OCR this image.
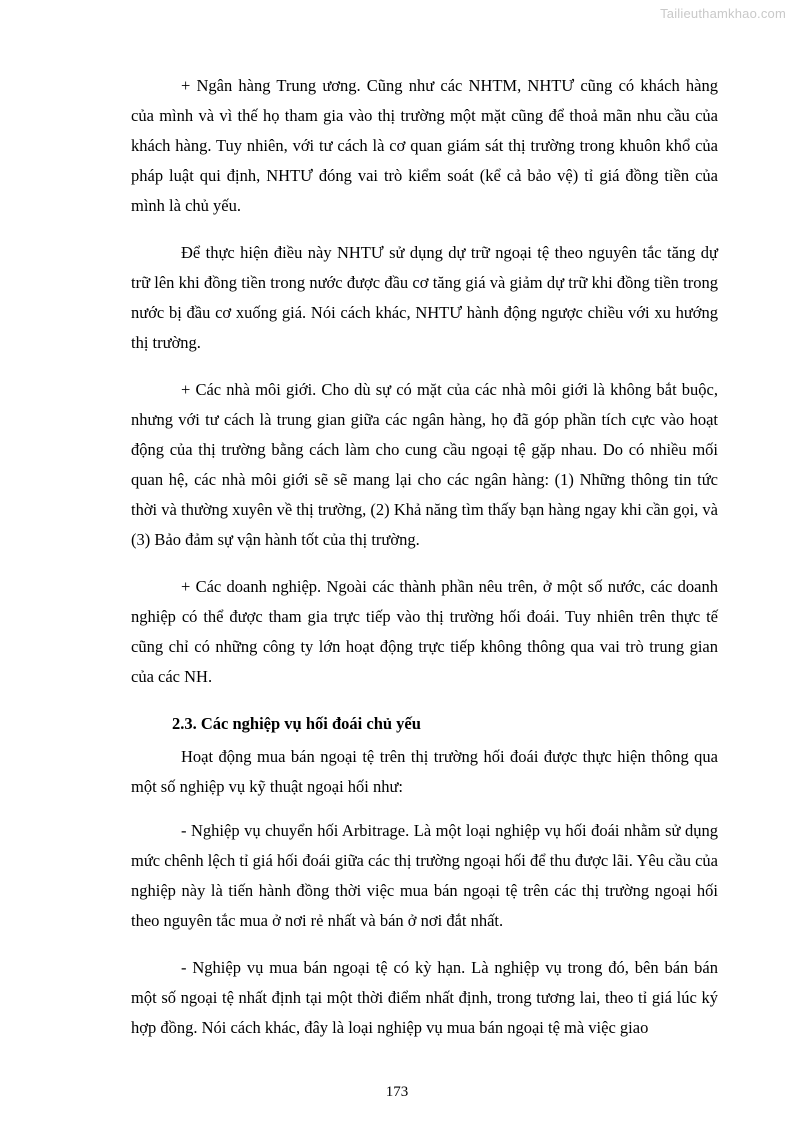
Tailieuthamkhao.com

+ Ngân hàng Trung ương. Cũng như các NHTM, NHTƯ cũng có khách hàng của mình và vì thế họ tham gia vào thị trường một mặt cũng để thoả mãn nhu cầu của khách hàng. Tuy nhiên, với tư cách là cơ quan giám sát thị trường trong khuôn khổ của pháp luật qui định, NHTƯ đóng vai trò kiểm soát (kể cả bảo vệ) tỉ giá đồng tiền của mình là chủ yếu.

Để thực hiện điều này NHTƯ sử dụng dự trữ ngoại tệ theo nguyên tắc tăng dự trữ lên khi đồng tiền trong nước được đầu cơ tăng giá và giảm dự trữ khi đồng tiền trong nước bị đầu cơ xuống giá. Nói cách khác, NHTƯ hành động ngược chiều với xu hướng thị trường.

+ Các nhà môi giới. Cho dù sự có mặt của các nhà môi giới là không bắt buộc, nhưng với tư cách là trung gian giữa các ngân hàng, họ đã góp phần tích cực vào hoạt động của thị trường bằng cách làm cho cung cầu ngoại tệ gặp nhau. Do có nhiều mối quan hệ, các nhà môi giới sẽ sẽ mang lại cho các ngân hàng: (1) Những thông tin tức thời và thường xuyên về thị trường, (2) Khả năng tìm thấy bạn hàng ngay khi cần gọi, và (3) Bảo đảm sự vận hành tốt của thị trường.

+ Các doanh nghiệp. Ngoài các thành phần nêu trên, ở một số nước, các doanh nghiệp có thể được tham gia trực tiếp vào thị trường hối đoái. Tuy nhiên trên thực tế cũng chỉ có những công ty lớn hoạt động trực tiếp không thông qua vai trò trung gian của các NH.

2.3. Các nghiệp vụ hối đoái chủ yếu

Hoạt động mua bán ngoại tệ trên thị trường hối đoái được thực hiện thông qua một số nghiệp vụ kỹ thuật ngoại hối như:

- Nghiệp vụ chuyển hối Arbitrage. Là một loại nghiệp vụ hối đoái nhằm sử dụng mức chênh lệch tỉ giá hối đoái giữa các thị trường ngoại hối để thu được lãi. Yêu cầu của nghiệp này là tiến hành đồng thời việc mua bán ngoại tệ trên các thị trường ngoại hối theo nguyên tắc mua ở nơi rẻ nhất và bán ở nơi đắt nhất.

- Nghiệp vụ mua bán ngoại tệ có kỳ hạn. Là nghiệp vụ trong đó, bên bán bán một số ngoại tệ nhất định tại một thời điểm nhất định, trong tương lai, theo tỉ giá lúc ký hợp đồng. Nói cách khác, đây là loại nghiệp vụ mua bán ngoại tệ mà việc giao

173
